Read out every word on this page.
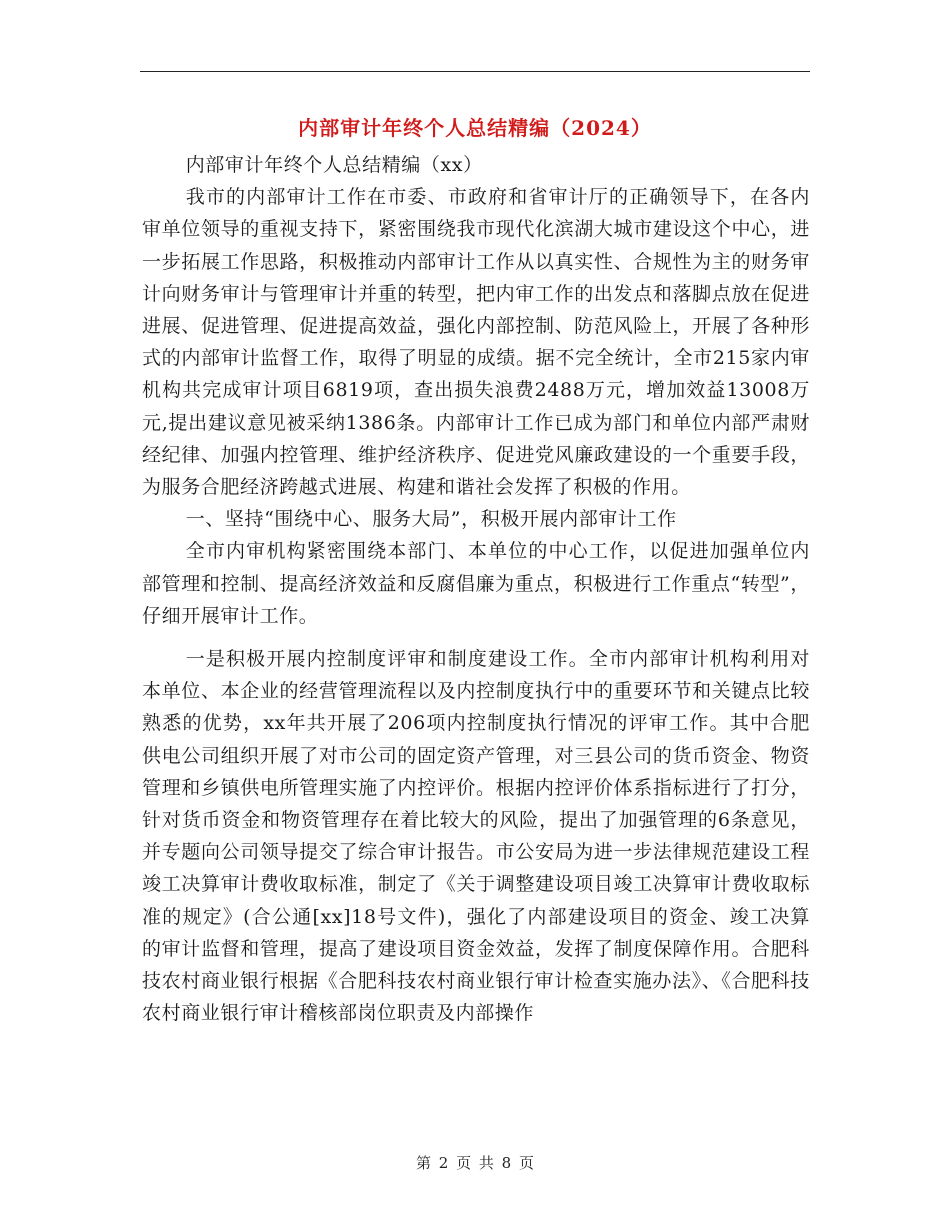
内部审计年终个人总结精编（2024）

内部审计年终个人总结精编（xx）

我市的内部审计工作在市委、市政府和省审计厅的正确领导下，在各内审单位领导的重视支持下，紧密围绕我市现代化滨湖大城市建设这个中心，进一步拓展工作思路，积极推动内部审计工作从以真实性、合规性为主的财务审计向财务审计与管理审计并重的转型，把内审工作的出发点和落脚点放在促进进展、促进管理、促进提高效益，强化内部控制、防范风险上，开展了各种形式的内部审计监督工作，取得了明显的成绩。据不完全统计，全市215家内审机构共完成审计项目6819项，查出损失浪费2488万元，增加效益13008万元,提出建议意见被采纳1386条。内部审计工作已成为部门和单位内部严肃财经纪律、加强内控管理、维护经济秩序、促进党风廉政建设的一个重要手段，为服务合肥经济跨越式进展、构建和谐社会发挥了积极的作用。

一、坚持“围绕中心、服务大局”，积极开展内部审计工作

全市内审机构紧密围绕本部门、本单位的中心工作，以促进加强单位内部管理和控制、提高经济效益和反腐倡廉为重点，积极进行工作重点“转型”，仔细开展审计工作。

一是积极开展内控制度评审和制度建设工作。全市内部审计机构利用对本单位、本企业的经营管理流程以及内控制度执行中的重要环节和关键点比较熟悉的优势，xx年共开展了206项内控制度执行情况的评审工作。其中合肥供电公司组织开展了对市公司的固定资产管理，对三县公司的货币资金、物资管理和乡镇供电所管理实施了内控评价。根据内控评价体系指标进行了打分，针对货币资金和物资管理存在着比较大的风险，提出了加强管理的6条意见，并专题向公司领导提交了综合审计报告。市公安局为进一步法律规范建设工程竣工决算审计费收取标准，制定了《关于调整建设项目竣工决算审计费收取标准的规定》(合公通[xx]18号文件)，强化了内部建设项目的资金、竣工决算的审计监督和管理，提高了建设项目资金效益，发挥了制度保障作用。合肥科技农村商业银行根据《合肥科技农村商业银行审计检查实施办法》、《合肥科技农村商业银行审计稽核部岗位职责及内部操作

第 2 页 共 8 页
